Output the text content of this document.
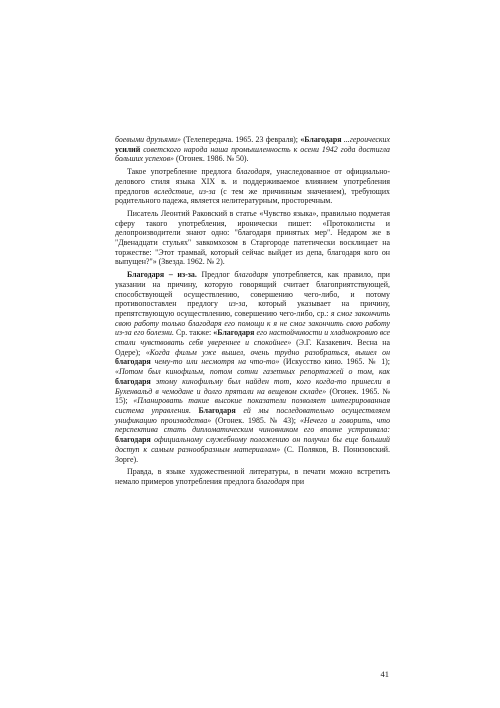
боевыми друзьями» (Телепередача. 1965. 23 февраля); «Благодаря ...героических усилий советского народа наша промышленность к осени 1942 года достигла больших успехов» (Огонек. 1986. № 50).

Такое употребление предлога благодаря, унаследованное от официально-делового стиля языка XIX в. и поддерживаемое влиянием употребления предлогов вследствие, из-за (с тем же причинным значением), требующих родительного падежа, является нелитературным, просторечным.

Писатель Леонтий Раковский в статье «Чувство языка», правильно подметая сферу такого употребления, иронически пишет: «Протоколисты и делопроизводители знают одно: "благодаря принятых мер". Недаром же в "Двенадцати стульях" завкомхозом в Старгороде патетически восклицает на торжестве: "Этот трамвай, который сейчас выйдет из депа, благодаря кого он выпущен?"» (Звезда. 1962. № 2).

Благодаря – из-за. Предлог благодаря употребляется, как правило, при указании на причину, которую говорящий считает благоприятствующей, способствующей осуществлению, совершению чего-либо, и потому противопоставлен предлогу из-за, который указывает на причину, препятствующую осуществлению, совершению чего-либо, ср.: я смог закончить свою работу только благодаря его помощи к я не смог закончить свою работу из-за его болезни. Ср. также: «Благодаря его настойчивости и хладнокровию все стали чувствовать себя увереннее и спокойнее» (Э.Г. Казакевич. Весна на Одере); «Когда фильм уже вышел, очень трудно разобраться, вышел он благодаря чему-то или несмотря на что-то» (Искусство кино. 1965. № 1); «Потом был кинофильм, потом сотни газетных репортажей о том, как благодаря этому кинофильму был найден тот, кого когда-то принесли в Бухенвальд в чемодане и долго прятали на вещевом складе» (Огонек. 1965. № 15); «Планировать такие высокие показатели позволяет интегрированная система управления. Благодаря ей мы последовательно осуществляем унификацию производства» (Огонек. 1985. № 43); «Нечего и говорить, что перспектива стать дипломатическим чиновником его вполне устраивала: благодаря официальному служебному положению он получил бы еще больший доступ к самым разнообразным материалам» (С. Поляков, В. Понизовский. Зорге).

Правда, в языке художественной литературы, в печати можно встретить немало примеров употребления предлога благодаря при

41
